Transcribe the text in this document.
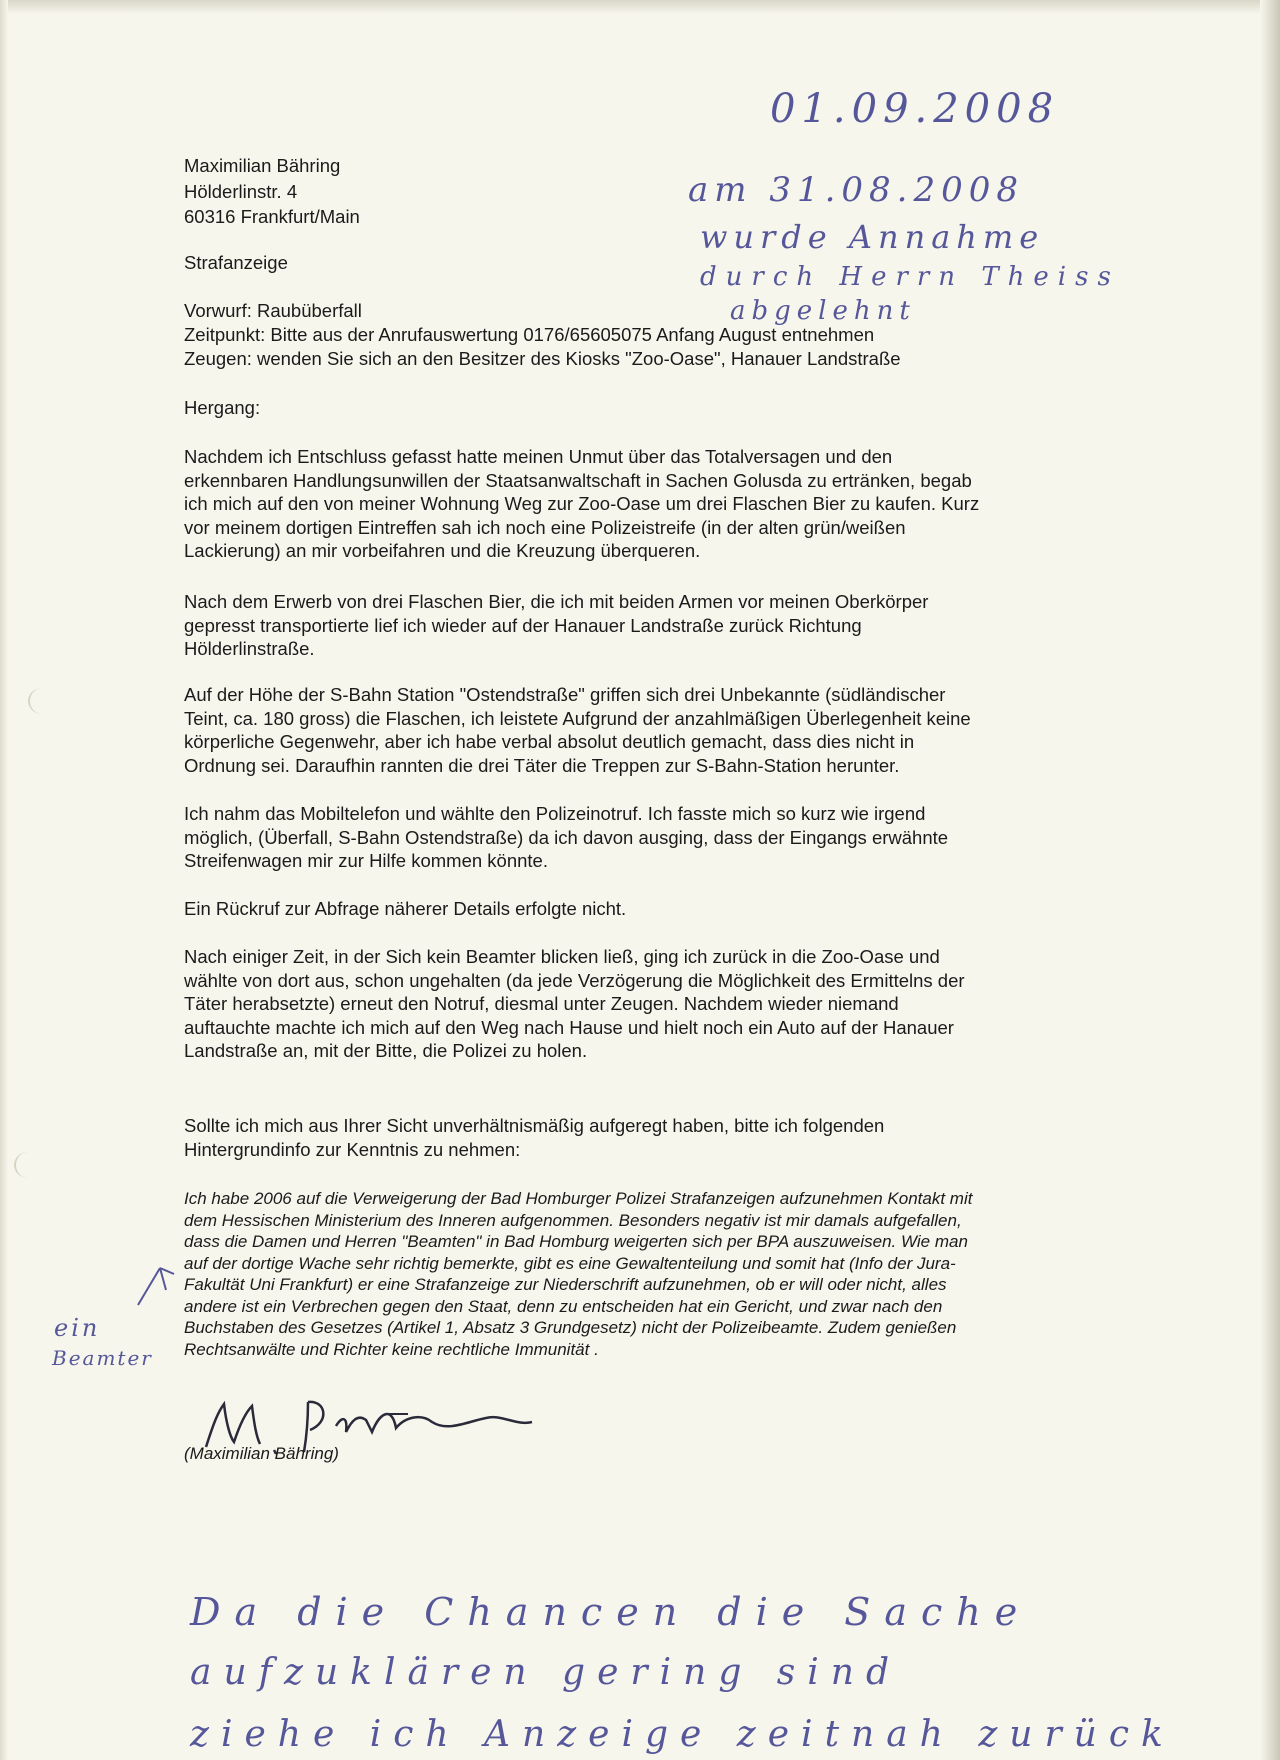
01.09.2008
am 31.08.2008
wurde Annahme
durch Herrn Theiss
abgelehnt
ein
Beamter
Da die Chancen die Sache
aufzuklären gering sind
ziehe ich Anzeige zeitnah zurück
Maximilian Bähring
Hölderlinstr. 4
60316 Frankfurt/Main
Strafanzeige
Vorwurf: Raubüberfall
Zeitpunkt: Bitte aus der Anrufauswertung 0176/65605075 Anfang August entnehmen
Zeugen: wenden Sie sich an den Besitzer des Kiosks "Zoo-Oase", Hanauer Landstraße
Hergang:
Nachdem ich Entschluss gefasst hatte meinen Unmut über das Totalversagen und den
erkennbaren Handlungsunwillen der Staatsanwaltschaft in Sachen Golusda zu ertränken, begab
ich mich auf den von meiner Wohnung Weg zur Zoo-Oase um drei Flaschen Bier zu kaufen. Kurz
vor meinem dortigen Eintreffen sah ich noch eine Polizeistreife (in der alten grün/weißen
Lackierung) an mir vorbeifahren und die Kreuzung überqueren.
Nach dem Erwerb von drei Flaschen Bier, die ich mit beiden Armen vor meinen Oberkörper
gepresst transportierte lief ich wieder auf der Hanauer Landstraße zurück Richtung
Hölderlinstraße.
Auf der Höhe der S-Bahn Station "Ostendstraße" griffen sich drei Unbekannte (südländischer
Teint, ca. 180 gross) die Flaschen, ich leistete Aufgrund der anzahlmäßigen Überlegenheit keine
körperliche Gegenwehr, aber ich habe verbal absolut deutlich gemacht, dass dies nicht in
Ordnung sei. Daraufhin rannten die drei Täter die Treppen zur S-Bahn-Station herunter.
Ich nahm das Mobiltelefon und wählte den Polizeinotruf. Ich fasste mich so kurz wie irgend
möglich, (Überfall, S-Bahn Ostendstraße) da ich davon ausging, dass der Eingangs erwähnte
Streifenwagen mir zur Hilfe kommen könnte.
Ein Rückruf zur Abfrage näherer Details erfolgte nicht.
Nach einiger Zeit, in der Sich kein Beamter blicken ließ, ging ich zurück in die Zoo-Oase und
wählte von dort aus, schon ungehalten (da jede Verzögerung die Möglichkeit des Ermittelns der
Täter herabsetzte) erneut den Notruf, diesmal unter Zeugen. Nachdem wieder niemand
auftauchte machte ich mich auf den Weg nach Hause und hielt noch ein Auto auf der Hanauer
Landstraße an, mit der Bitte, die Polizei zu holen.
Sollte ich mich aus Ihrer Sicht unverhältnismäßig aufgeregt haben, bitte ich folgenden
Hintergrundinfo zur Kenntnis zu nehmen:
Ich habe 2006 auf die Verweigerung der Bad Homburger Polizei Strafanzeigen aufzunehmen Kontakt mit
dem Hessischen Ministerium des Inneren aufgenommen. Besonders negativ ist mir damals aufgefallen,
dass die Damen und Herren "Beamten" in Bad Homburg weigerten sich per BPA auszuweisen. Wie man
auf der dortige Wache sehr richtig bemerkte, gibt es eine Gewaltenteilung und somit hat (Info der Jura-
Fakultät Uni Frankfurt) er eine Strafanzeige zur Niederschrift aufzunehmen, ob er will oder nicht, alles
andere ist ein Verbrechen gegen den Staat, denn zu entscheiden hat ein Gericht, und zwar nach den
Buchstaben des Gesetzes (Artikel 1, Absatz 3 Grundgesetz) nicht der Polizeibeamte. Zudem genießen
Rechtsanwälte und Richter keine rechtliche Immunität .
(Maximilian Bähring)
